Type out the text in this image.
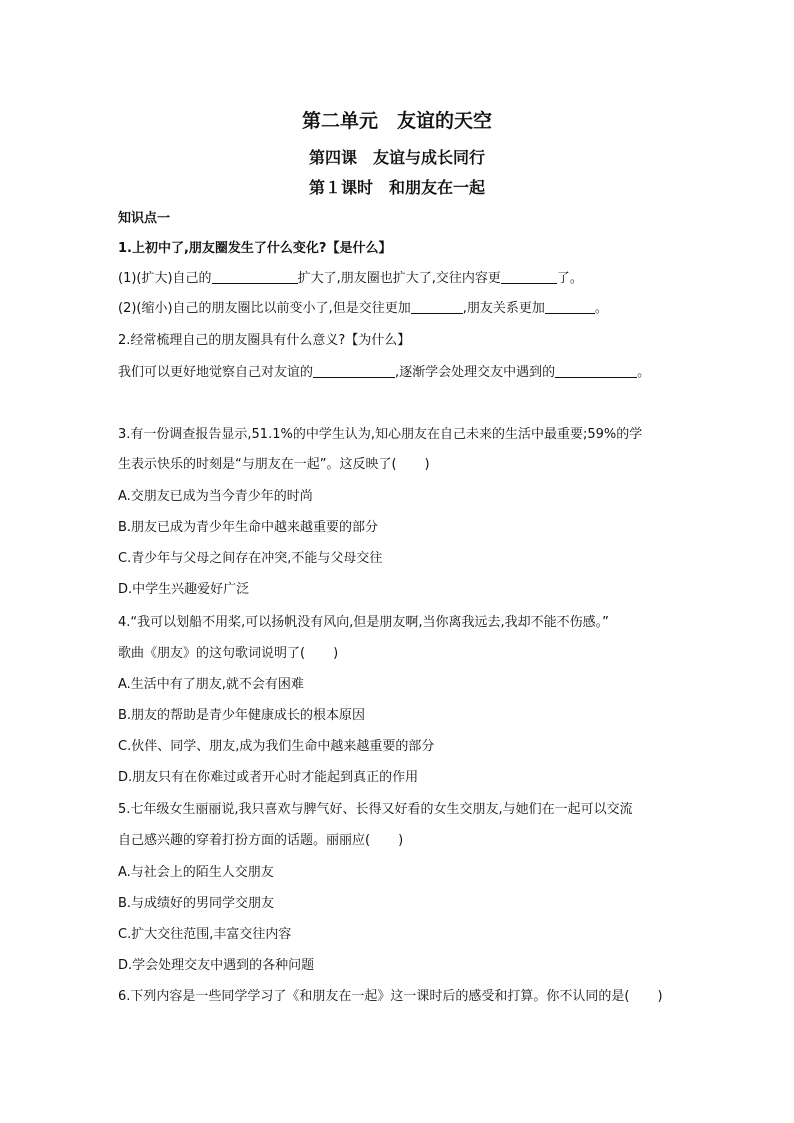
第二单元　友谊的天空
第四课　友谊与成长同行
第１课时　和朋友在一起
知识点一
1.上初中了,朋友圈发生了什么变化?【是什么】
(1)(扩大)自己的	扩大了,朋友圈也扩大了,交往内容更	了。
(2)(缩小)自己的朋友圈比以前变小了,但是交往更加	,朋友关系更加	。
2.经常梳理自己的朋友圈具有什么意义?【为什么】
我们可以更好地觉察自己对友谊的	,逐渐学会处理交友中遇到的	。
3.有一份调查报告显示,51.1%的中学生认为,知心朋友在自己未来的生活中最重要;59%的学
生表示快乐的时刻是“与朋友在一起”。这反映了( )
A.交朋友已成为当今青少年的时尚
B.朋友已成为青少年生命中越来越重要的部分
C.青少年与父母之间存在冲突,不能与父母交往
D.中学生兴趣爱好广泛
4.“我可以划船不用桨,可以扬帆没有风向,但是朋友啊,当你离我远去,我却不能不伤感。”
歌曲《朋友》的这句歌词说明了( )
A.生活中有了朋友,就不会有困难
B.朋友的帮助是青少年健康成长的根本原因
C.伙伴、同学、朋友,成为我们生命中越来越重要的部分
D.朋友只有在你难过或者开心时才能起到真正的作用
5.七年级女生丽丽说,我只喜欢与脾气好、长得又好看的女生交朋友,与她们在一起可以交流
自己感兴趣的穿着打扮方面的话题。丽丽应( )
A.与社会上的陌生人交朋友
B.与成绩好的男同学交朋友
C.扩大交往范围,丰富交往内容
D.学会处理交友中遇到的各种问题
6.下列内容是一些同学学习了《和朋友在一起》这一课时后的感受和打算。你不认同的是( )
